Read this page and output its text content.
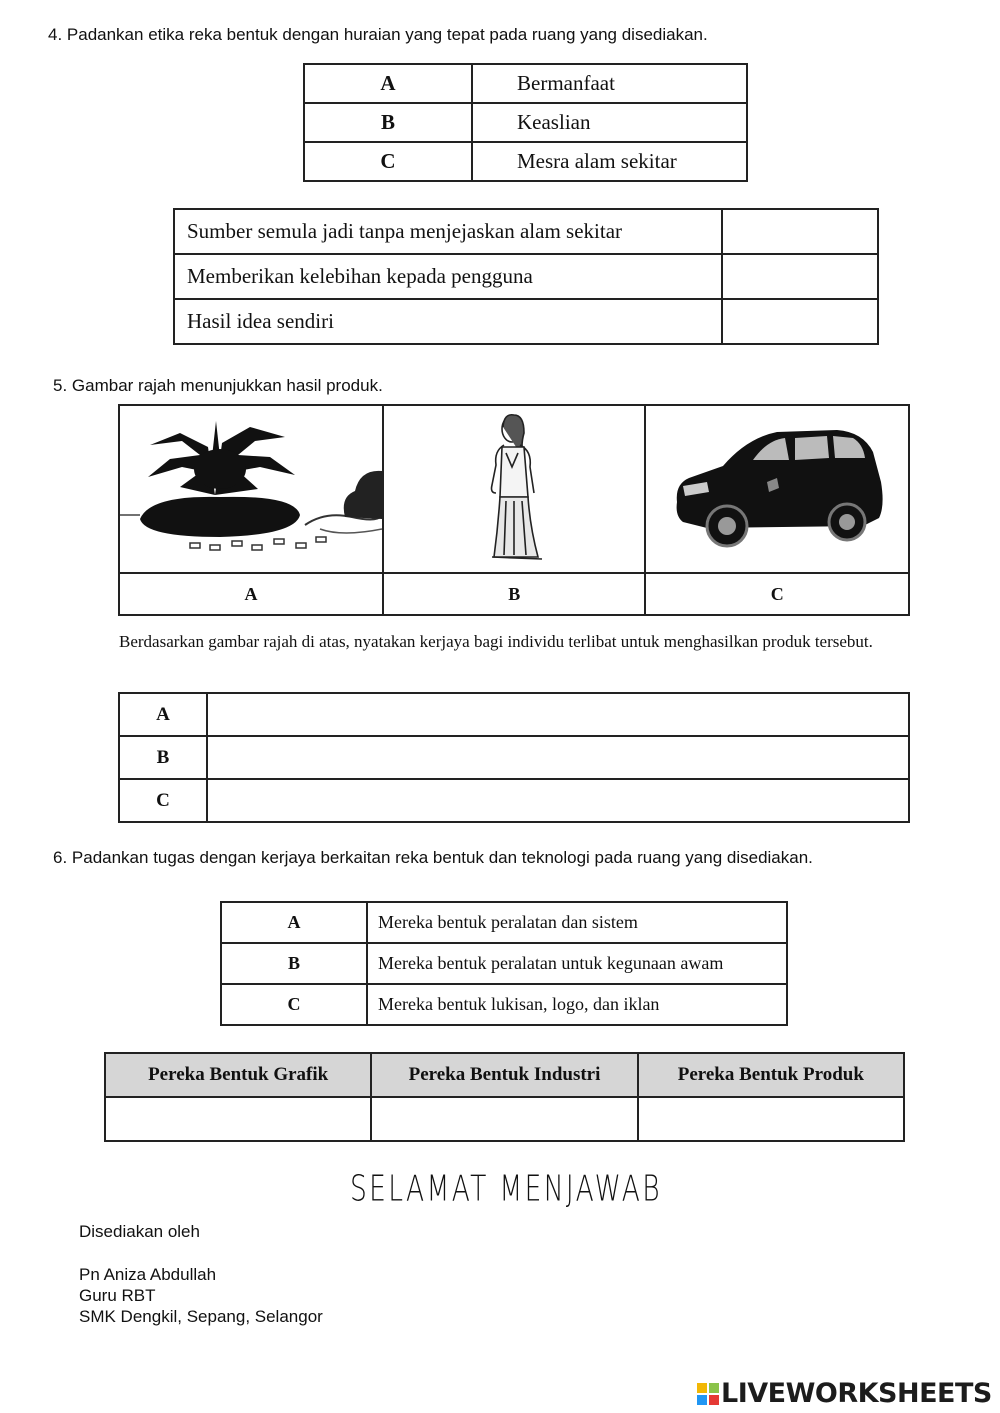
4. Padankan etika reka bentuk dengan huraian yang tepat pada ruang yang disediakan.
A	Bermanfaat
B	Keaslian
C	Mesra alam sekitar
Sumber semula jadi tanpa menjejaskan alam sekitar	
Memberikan kelebihan kepada pengguna	
Hasil idea sendiri	
5. Gambar rajah menunjukkan hasil produk.

A	B	C
Berdasarkan gambar rajah di atas, nyatakan kerjaya bagi individu terlibat untuk menghasilkan produk tersebut.
A	
B	
C	
6. Padankan tugas dengan kerjaya berkaitan reka bentuk dan teknologi pada ruang yang disediakan.
A	Mereka bentuk peralatan dan sistem
B	Mereka bentuk peralatan untuk kegunaan awam
C	Mereka bentuk lukisan, logo, dan iklan
Pereka Bentuk Grafik	Pereka Bentuk Industri	Pereka Bentuk Produk

SELAMAT MENJAWAB
Disediakan oleh
Pn Aniza Abdullah
Guru RBT
SMK Dengkil, Sepang, Selangor
LIVEWORKSHEETS
